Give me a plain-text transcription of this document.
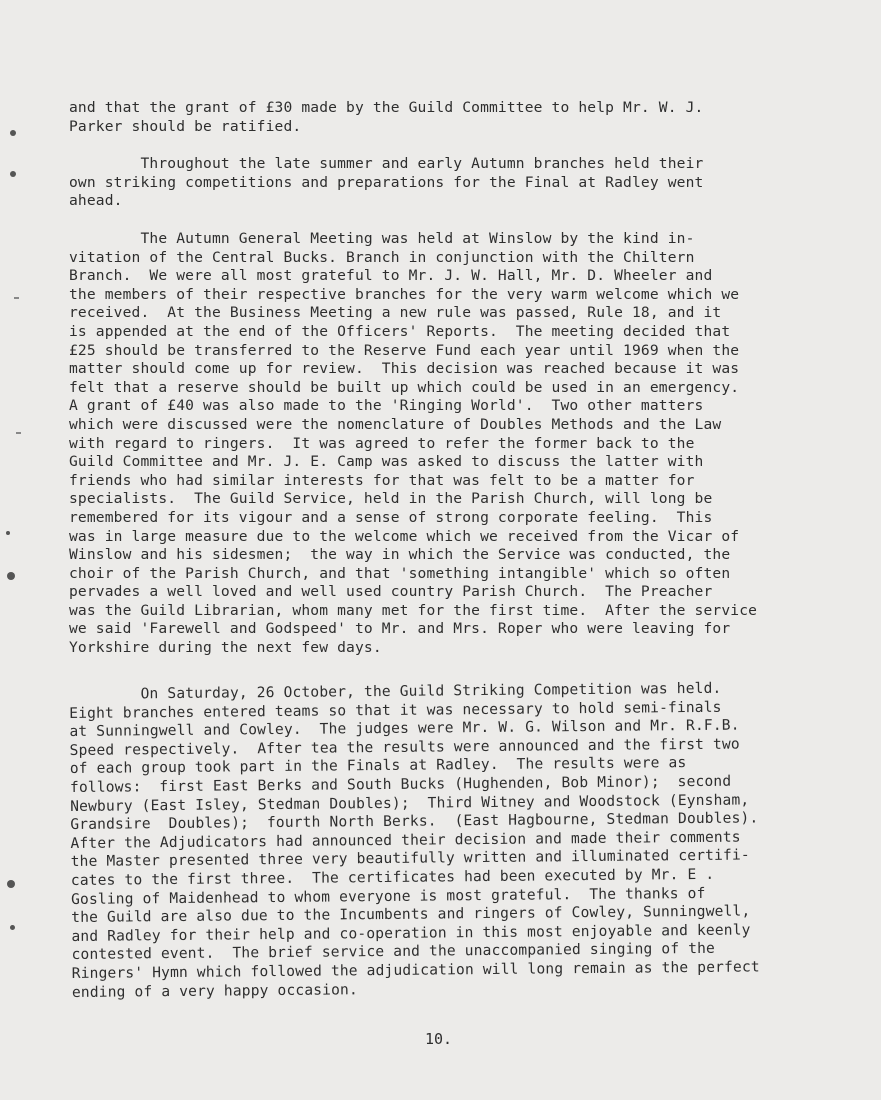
and that the grant of £30 made by the Guild Committee to help Mr. W. J.
Parker should be ratified.
Throughout the late summer and early Autumn branches held their
own striking competitions and preparations for the Final at Radley went
ahead.
The Autumn General Meeting was held at Winslow by the kind in-
vitation of the Central Bucks. Branch in conjunction with the Chiltern
Branch.  We were all most grateful to Mr. J. W. Hall, Mr. D. Wheeler and
the members of their respective branches for the very warm welcome which we
received.  At the Business Meeting a new rule was passed, Rule 18, and it
is appended at the end of the Officers' Reports.  The meeting decided that
£25 should be transferred to the Reserve Fund each year until 1969 when the
matter should come up for review.  This decision was reached because it was
felt that a reserve should be built up which could be used in an emergency.
A grant of £40 was also made to the 'Ringing World'.  Two other matters
which were discussed were the nomenclature of Doubles Methods and the Law
with regard to ringers.  It was agreed to refer the former back to the
Guild Committee and Mr. J. E. Camp was asked to discuss the latter with
friends who had similar interests for that was felt to be a matter for
specialists.  The Guild Service, held in the Parish Church, will long be
remembered for its vigour and a sense of strong corporate feeling.  This
was in large measure due to the welcome which we received from the Vicar of
Winslow and his sidesmen;  the way in which the Service was conducted, the
choir of the Parish Church, and that 'something intangible' which so often
pervades a well loved and well used country Parish Church.  The Preacher
was the Guild Librarian, whom many met for the first time.  After the service
we said 'Farewell and Godspeed' to Mr. and Mrs. Roper who were leaving for
Yorkshire during the next few days.
On Saturday, 26 October, the Guild Striking Competition was held.
Eight branches entered teams so that it was necessary to hold semi-finals
at Sunningwell and Cowley.  The judges were Mr. W. G. Wilson and Mr. R.F.B.
Speed respectively.  After tea the results were announced and the first two
of each group took part in the Finals at Radley.  The results were as
follows:  first East Berks and South Bucks (Hughenden, Bob Minor);  second
Newbury (East Isley, Stedman Doubles);  Third Witney and Woodstock (Eynsham,
Grandsire  Doubles);  fourth North Berks.  (East Hagbourne, Stedman Doubles).
After the Adjudicators had announced their decision and made their comments
the Master presented three very beautifully written and illuminated certifi-
cates to the first three.  The certificates had been executed by Mr. E .
Gosling of Maidenhead to whom everyone is most grateful.  The thanks of
the Guild are also due to the Incumbents and ringers of Cowley, Sunningwell,
and Radley for their help and co-operation in this most enjoyable and keenly
contested event.  The brief service and the unaccompanied singing of the
Ringers' Hymn which followed the adjudication will long remain as the perfect
ending of a very happy occasion.
10.
